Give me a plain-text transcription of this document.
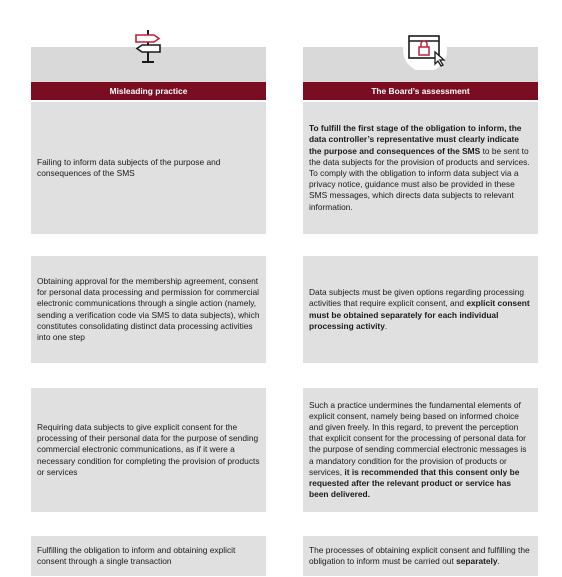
Misleading practice	The Board’s assessment
Failing to inform data subjects of the purpose and consequences of the SMS
To fulfill the first stage of the obligation to inform, the data controller’s representative must clearly indicate the purpose and consequences of the SMS to be sent to the data subjects for the provision of products and services. To comply with the obligation to inform data subject via a privacy notice, guidance must also be provided in these SMS messages, which directs data subjects to relevant information.
Obtaining approval for the membership agreement, consent for personal data processing and permission for commercial electronic communications through a single action (namely, sending a verification code via SMS to data subjects), which constitutes consolidating distinct data processing activities into one step
Data subjects must be given options regarding processing activities that require explicit consent, and explicit consent must be obtained separately for each individual processing activity.
Requiring data subjects to give explicit consent for the processing of their personal data for the purpose of sending commercial electronic communications, as if it were a necessary condition for completing the provision of products or services
Such a practice undermines the fundamental elements of explicit consent, namely being based on informed choice and given freely. In this regard, to prevent the perception that explicit consent for the processing of personal data for the purpose of sending commercial electronic messages is a mandatory condition for the provision of products or services, it is recommended that this consent only be requested after the relevant product or service has been delivered.
Fulfilling the obligation to inform and obtaining explicit consent through a single transaction
The processes of obtaining explicit consent and fulfilling the obligation to inform must be carried out separately.
